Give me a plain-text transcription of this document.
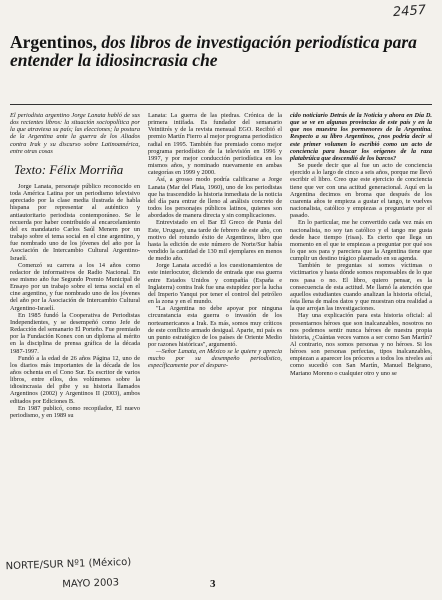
2457
Argentinos, dos libros de investigación periodística para entender la idiosincrasia che

El periodista argentino Jorge Lanata habló de sus dos recientes libros: la situación sociopolítica por la que atraviesa su país; las elecciones; la postura de la Argentina ante la guerra de los Aliados contra Irak y su discurso sobre Latinoamérica, entre otras cosas

Texto: Félix Morriña

Jorge Lanata, personaje público reconocido en toda América Latina por un periodismo televisivo apreciado por la clase media ilustrada de habla hispana por representar al auténtico y antiautoritario periodista contemporáneo. Se le recuerda por haber contribuido al encarcelamiento del ex mandatario Carlos Saúl Menem por un trabajo sobre el tema social en el cine argentino, y fue nombrado uno de los jóvenes del año por la Asociación de Intercambio Cultural Argentino-Israelí.

Comenzó su carrera a los 14 años como redactor de informativos de Radio Nacional. En ese mismo año fue Segundo Premio Municipal de Ensayo por un trabajo sobre el tema social en el cine argentino, y fue nombrado uno de los jóvenes del año por la Asociación de Intercambio Cultural Argentino-Israelí.

En 1985 fundó la Cooperativa de Periodistas Independientes, y se desempeñó como Jefe de Redacción del semanario El Porteño. Fue premiado por la Fundación Konex con un diploma al mérito en la disciplina de prensa gráfica de la década 1987-1997.

Fundó a la edad de 26 años Página 12, uno de los diarios más importantes de la década de los años ochenta en el Cono Sur. Es escritor de varios libros, entre ellos, dos volúmenes sobre la idiosincrasia del pibe y su historia llamados Argentinos (2002) y Argentinos II (2003), ambos editados por Ediciones B.

En 1987 publicó, como recopilador, El nuevo periodismo, y en 1989 su

Lanata: La guerra de las piedras. Crónica de la primera intifada. Es fundador del semanario Veintitrés y de la revista mensual EGO. Recibió el premio Martín Fierro al mejor programa periodístico radial en 1995. También fue premiado como mejor programa periodístico de la televisión en 1996 y 1997, y por mejor conducción periodística en los mismos años, y nominado nuevamente en ambas categorías en 1999 y 2000.

Así, a grosso modo podría calificarse a Jorge Lanata (Mar del Plata, 1960), uno de los periodistas que ha trascendido la historia inmediata de la noticia del día para entrar de lleno al análisis concreto de todos los personajes públicos latinos, quienes son abordados de manera directa y sin complicaciones.

Entrevistado en el Bar El Greco de Punta del Este, Uruguay, una tarde de febrero de este año, con motivo del rotundo éxito de Argentinos, libro que hasta la edición de este número de Norte/Sur había vendido la cantidad de 130 mil ejemplares en menos de medio año.

Jorge Lanata accedió a los cuestionamientos de este interlocutor, diciendo de entrada que esa guerra entre Estados Unidos y compañía (España e Inglaterra) contra Irak fue una estupidez por la lucha del Imperio Yanqui por tener el control del petróleo en la zona y en el mundo.

"La Argentina no debe apoyar por ninguna circunstancia esta guerra o invasión de los norteamericanos a Irak. Es más, somos muy críticos de este conflicto armado desigual. Aparte, mi país es un punto estratégico de los países de Oriente Medio por razones históricas", argumentó.

—Señor Lanata, en México se le quiere y aprecia mucho por su desempeño periodístico, específicamente por el despare-

cido noticiario Detrás de la Noticia y ahora en Día D. que se ve en algunas provincias de este país y en la que nos muestra los pormenores de la Argentina. Respecto a su libro Argentinos, ¿nos podría decir si este primer volumen lo escribió como un acto de conciencia para buscar los orígenes de la raza platabrúica que descendió de los barcos?

Se puede decir que al fue un acto de conciencia ejercido a lo largo de cinco a seis años, porque me llevó escribir el libro. Creo que este ejercicio de conciencia tiene que ver con una actitud generacional. Aquí en la Argentina decimos en broma que después de los cuarenta años te empieza a gustar el tango, te vuelves nacionalista, católico y empiezas a preguntarte por el pasado.

En lo particular, me he convertido cada vez más en nacionalista, no soy tan católico y el tango me gusta desde hace tiempo (risas). Es cierto que llega un momento en el que te empiezas a preguntar por qué sos lo que sos para y pareciera que la Argentina tiene que cumplir un destino trágico plasmado en su agenda.

También te preguntas si somos víctimas o victimarios y hasta dónde somos responsables de lo que nos pasa o no. El libro, quiero pensar, es la consecuencia de esta actitud. Me llamó la atención que aquellos estudiantes cuando analizan la historia oficial, ésta llena de malos datos y que muestran otra realidad a la que arrojan las investigaciones.

Hay una explicación para esta historia oficial: al presentarnos héroes que son inalcanzables, nosotros no nos podemos sentir nunca héroes de nuestra propia historia, ¿Cuántas veces vamos a ser como San Martín? Al contrario, nos somos personas y no héroes. Si los héroes son personas perfectas, tipos inalcanzables, empiezan a aparecer los próceres a todos los niveles así como sucedió con San Martín, Manuel Belgrano, Mariano Moreno o cualquier otro y uno se

NORTE/SUR Nº1 (México)
MAYO 2003	3
